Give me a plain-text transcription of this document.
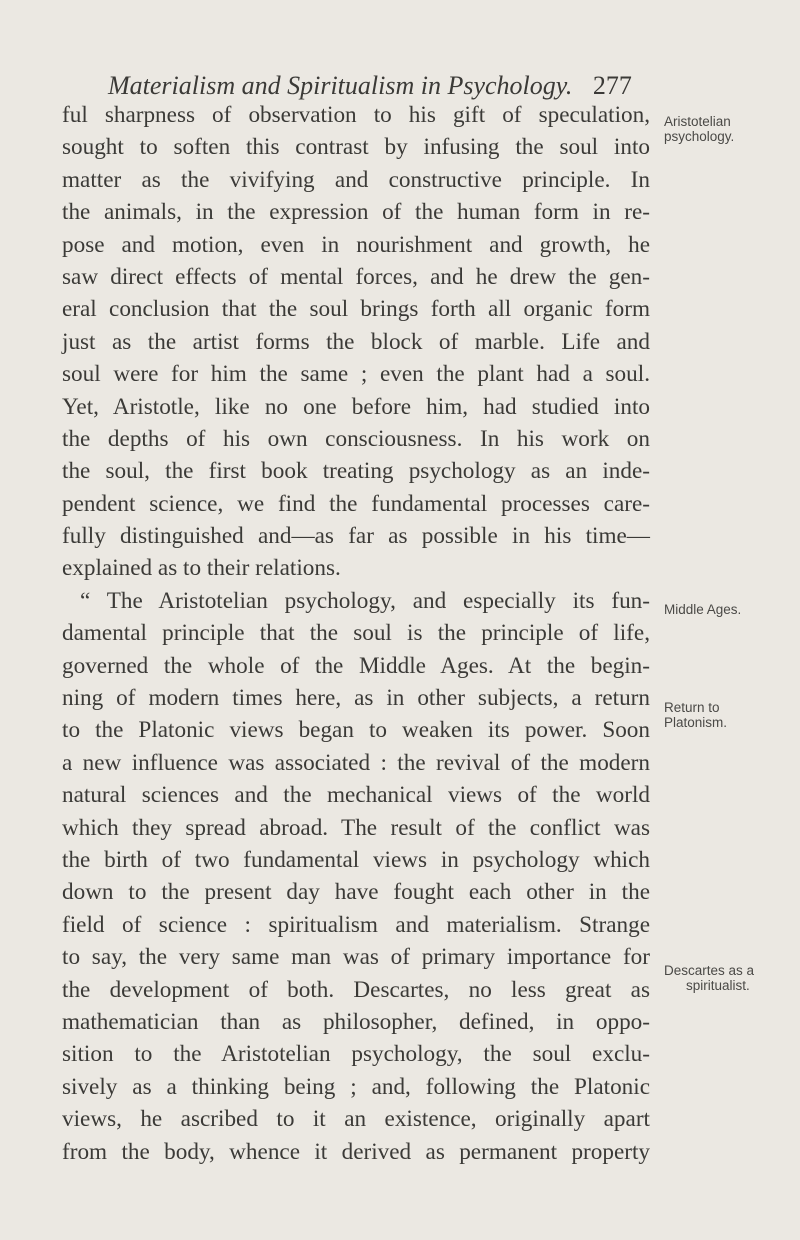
Materialism and Spiritualism in Psychology. 277
ful sharpness of observation to his gift of speculation,
sought to soften this contrast by infusing the soul into
matter as the vivifying and constructive principle. In
the animals, in the expression of the human form in re-
pose and motion, even in nourishment and growth, he
saw direct effects of mental forces, and he drew the gen-
eral conclusion that the soul brings forth all organic form
just as the artist forms the block of marble. Life and
soul were for him the same ; even the plant had a soul.
Yet, Aristotle, like no one before him, had studied into
the depths of his own consciousness. In his work on
the soul, the first book treating psychology as an inde-
pendent science, we find the fundamental processes care-
fully distinguished and—as far as possible in his time—
explained as to their relations.
“ The Aristotelian psychology, and especially its fun-
damental principle that the soul is the principle of life,
governed the whole of the Middle Ages. At the begin-
ning of modern times here, as in other subjects, a return
to the Platonic views began to weaken its power. Soon
a new influence was associated : the revival of the modern
natural sciences and the mechanical views of the world
which they spread abroad. The result of the conflict was
the birth of two fundamental views in psychology which
down to the present day have fought each other in the
field of science : spiritualism and materialism. Strange
to say, the very same man was of primary importance for
the development of both. Descartes, no less great as
mathematician than as philosopher, defined, in oppo-
sition to the Aristotelian psychology, the soul exclu-
sively as a thinking being ; and, following the Platonic
views, he ascribed to it an existence, originally apart
from the body, whence it derived as permanent property
Aristotelian
psychology.
Middle Ages.
Return to
Platonism.
Descartes as a
spiritualist.
